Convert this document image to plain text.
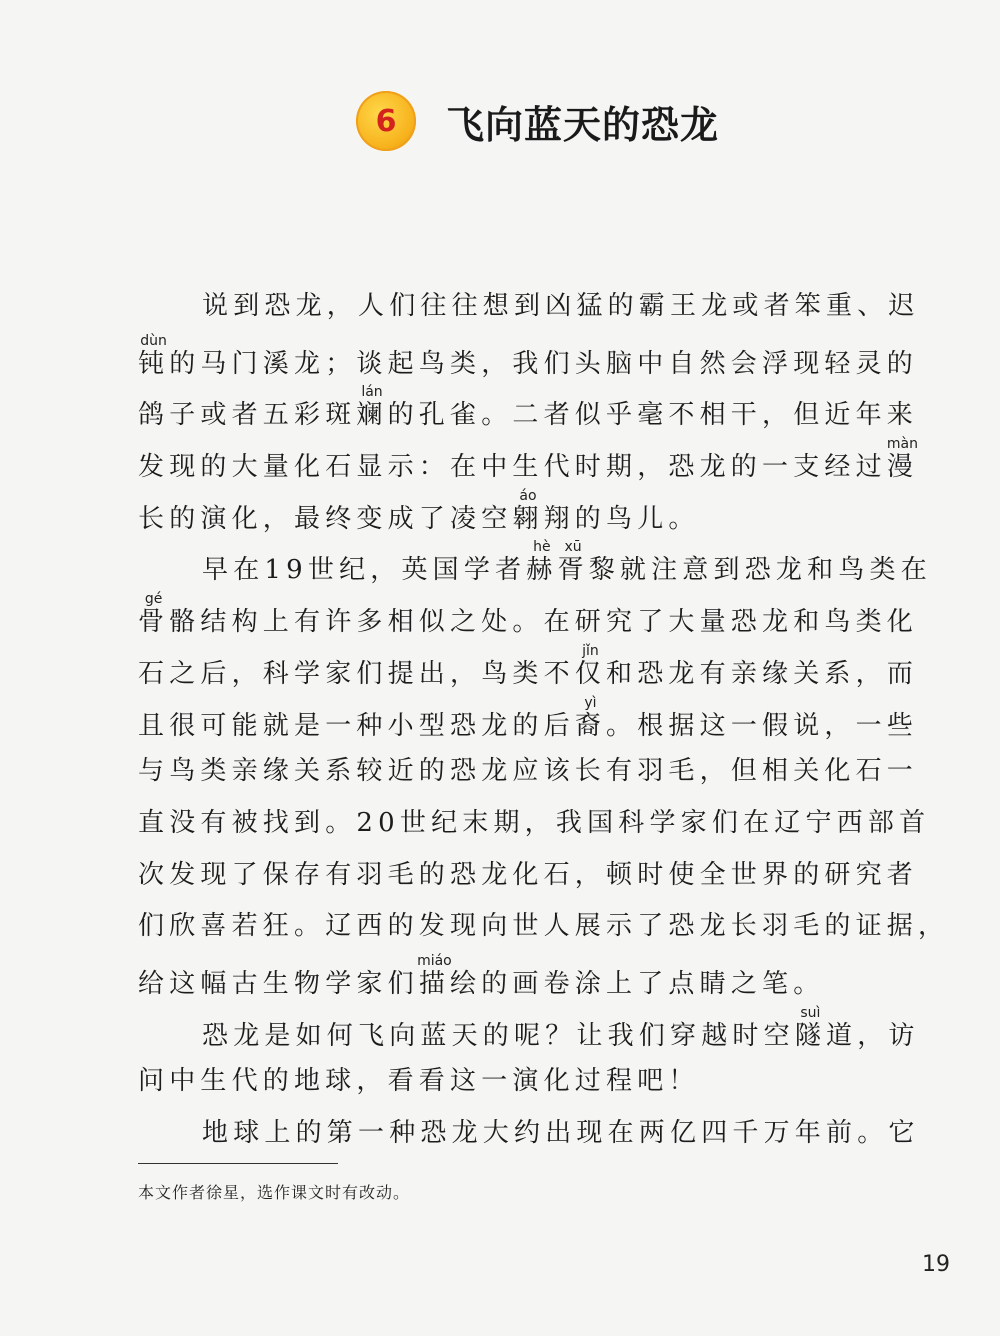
6	飞向蓝天的恐龙
说到恐龙，人们往往想到凶猛的霸王龙或者笨重、迟
钝dùn的马门溪龙；谈起鸟类，我们头脑中自然会浮现轻灵的
鸽子或者五彩斑斓lán的孔雀。二者似乎毫不相干，但近年来
发现的大量化石显示：在中生代时期，恐龙的一支经过漫màn
长的演化，最终变成了凌空翱áo翔的鸟儿。
早在19世纪，英国学者赫hè胥xū黎就注意到恐龙和鸟类在
骨gé骼结构上有许多相似之处。在研究了大量恐龙和鸟类化
石之后，科学家们提出，鸟类不仅jǐn和恐龙有亲缘关系，而
且很可能就是一种小型恐龙的后裔yì。根据这一假说，一些
与鸟类亲缘关系较近的恐龙应该长有羽毛，但相关化石一
直没有被找到。20世纪末期，我国科学家们在辽宁西部首
次发现了保存有羽毛的恐龙化石，顿时使全世界的研究者
们欣喜若狂。辽西的发现向世人展示了恐龙长羽毛的证据，
给这幅古生物学家们描miáo绘的画卷涂上了点睛之笔。
恐龙是如何飞向蓝天的呢？让我们穿越时空隧suì道，访
问中生代的地球，看看这一演化过程吧！
地球上的第一种恐龙大约出现在两亿四千万年前。它
本文作者徐星，选作课文时有改动。
19
